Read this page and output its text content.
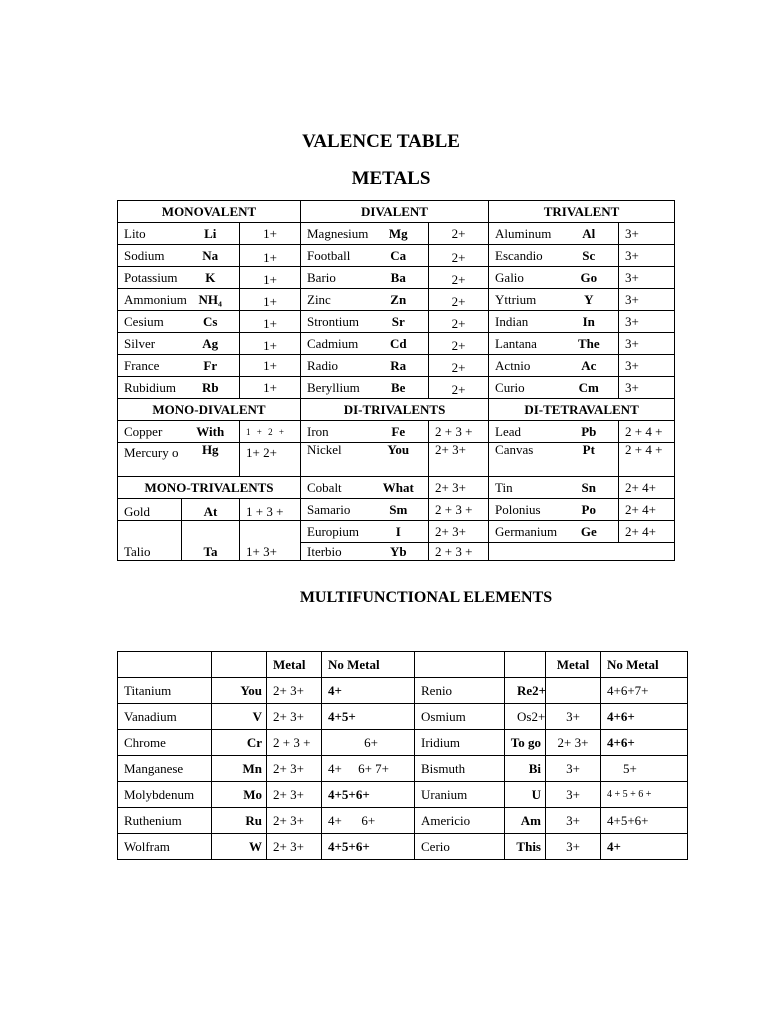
VALENCE TABLE
METALS
MONOVALENT			DIVALENT			TRIVALENT		
Lito	Li	1+	Magnesium	Mg	2+	Aluminum	Al	3+
Sodium	Na	1+	Football	Ca	2+	Escandio	Sc	3+
Potassium	K	1+	Bario	Ba	2+	Galio	Go	3+
Ammonium	NH₄	1+	Zinc	Zn	2+	Yttrium	Y	3+
Cesium	Cs	1+	Strontium	Sr	2+	Indian	In	3+
Silver	Ag	1+	Cadmium	Cd	2+	Lantana	The	3+
France	Fr	1+	Radio	Ra	2+	Actnio	Ac	3+
Rubidium	Rb	1+	Beryllium	Be	2+	Curio	Cm	3+
MONO-DIVALENT			DI-TRIVALENTS			DI-TETRAVALENT		
Copper	With	1 + 2 +	Iron	Fe	2 + 3 +	Lead	Pb	2 + 4 +
Mercury o	Hg	1+ 2+	Nickel	You	2+ 3+	Canvas	Pt	2 + 4 +
MONO-TRIVALENTS			Cobalt	What	2+ 3+	Tin	Sn	2+ 4+
Gold	At	1 + 3 +	Samario	Sm	2 + 3 +	Polonius	Po	2+ 4+
Talio	Ta	1+ 3+	Europium	I	2+ 3+	Germanium	Ge	2+ 4+
			Iterbio	Yb	2 + 3 +			
MULTIFUNCTIONAL ELEMENTS
		Metal	No Metal			Metal	No Metal
Titanium	You	2+ 3+	4+	Renio	Re2+		4+6+7+
Vanadium	V	2+ 3+	4+5+	Osmium	Os2+	3+	4+6+
Chrome	Cr	2 + 3 +	6+	Iridium	To go	2+ 3+	4+6+
Manganese	Mn	2+ 3+	4+     6+ 7+	Bismuth	Bi	3+	5+
Molybdenum	Mo	2+ 3+	4+5+6+	Uranium	U	3+	4 + 5 + 6 +
Ruthenium	Ru	2+ 3+	4+      6+	Americio	Am	3+	4+5+6+
Wolfram	W	2+ 3+	4+5+6+	Cerio	This	3+	4+
